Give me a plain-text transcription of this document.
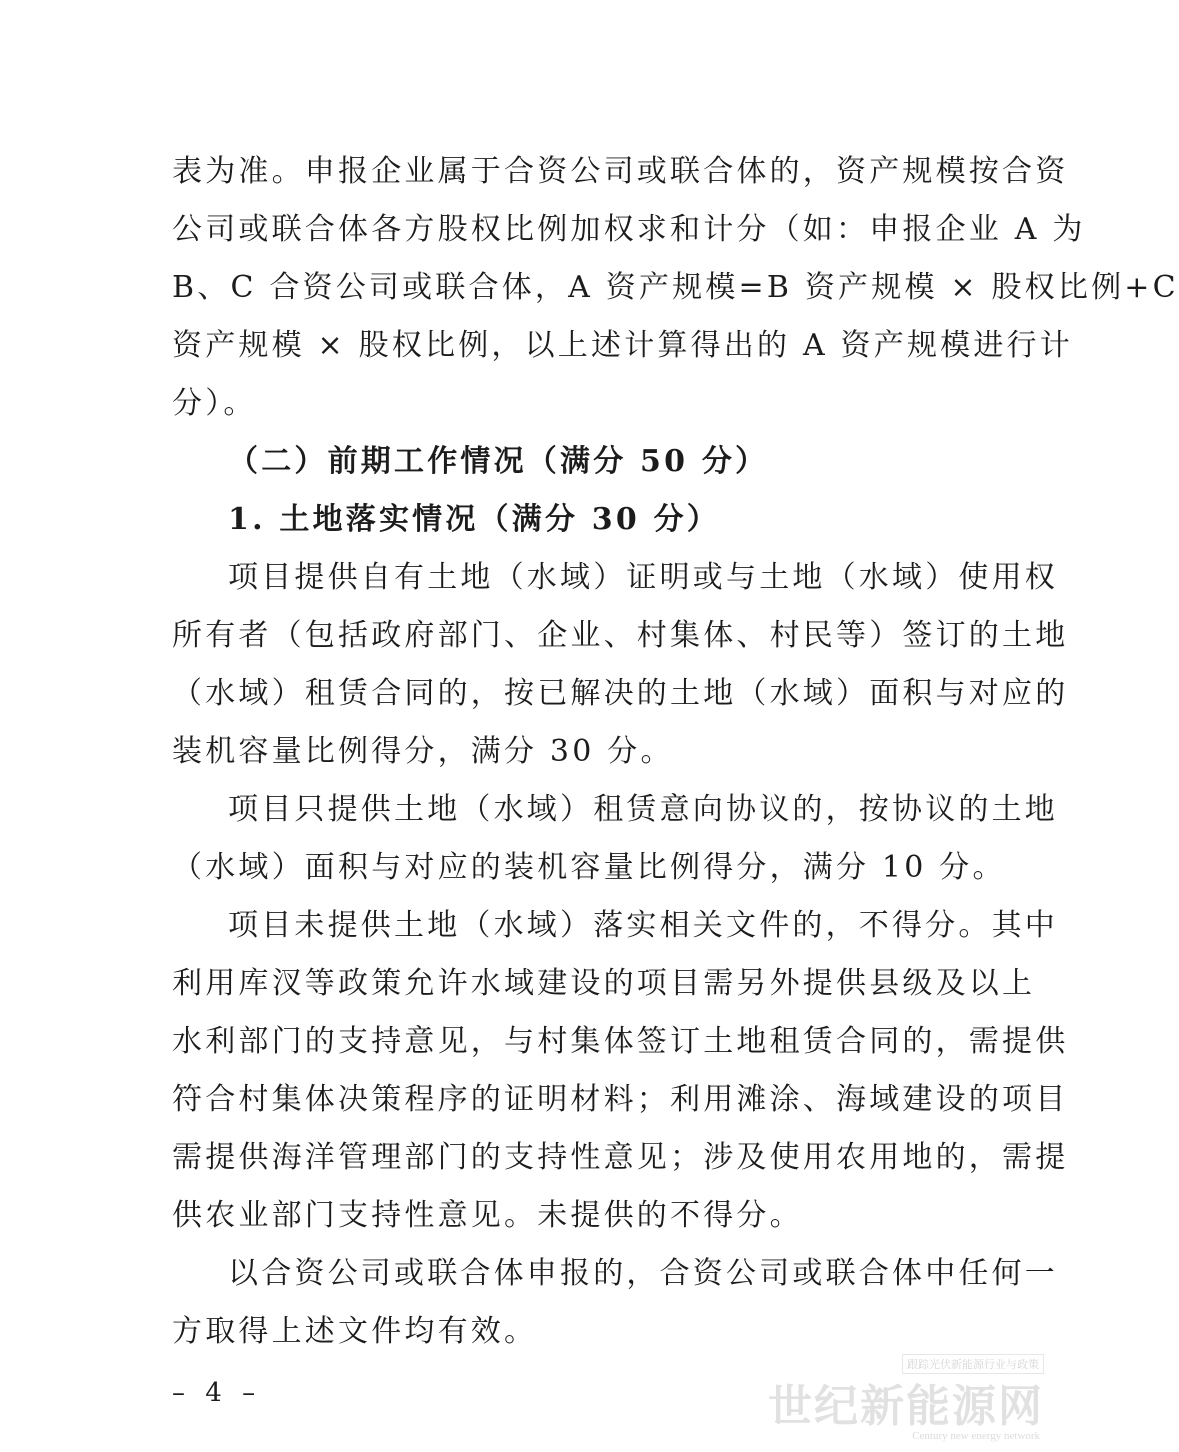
表为准。申报企业属于合资公司或联合体的，资产规模按合资
公司或联合体各方股权比例加权求和计分（如：申报企业 A 为
B、C 合资公司或联合体，A 资产规模=B 资产规模 × 股权比例+C
资产规模 × 股权比例，以上述计算得出的 A 资产规模进行计
分）。
（二）前期工作情况（满分 50 分）
1. 土地落实情况（满分 30 分）
项目提供自有土地（水域）证明或与土地（水域）使用权
所有者（包括政府部门、企业、村集体、村民等）签订的土地
（水域）租赁合同的，按已解决的土地（水域）面积与对应的
装机容量比例得分，满分 30 分。
项目只提供土地（水域）租赁意向协议的，按协议的土地
（水域）面积与对应的装机容量比例得分，满分 10 分。
项目未提供土地（水域）落实相关文件的，不得分。其中
利用库汊等政策允许水域建设的项目需另外提供县级及以上
水利部门的支持意见，与村集体签订土地租赁合同的，需提供
符合村集体决策程序的证明材料；利用滩涂、海域建设的项目
需提供海洋管理部门的支持性意见；涉及使用农用地的，需提
供农业部门支持性意见。未提供的不得分。
以合资公司或联合体申报的，合资公司或联合体中任何一
方取得上述文件均有效。
– 4 –
跟踪光伏新能源行业与政策
世纪新能源网
Century new energy network
